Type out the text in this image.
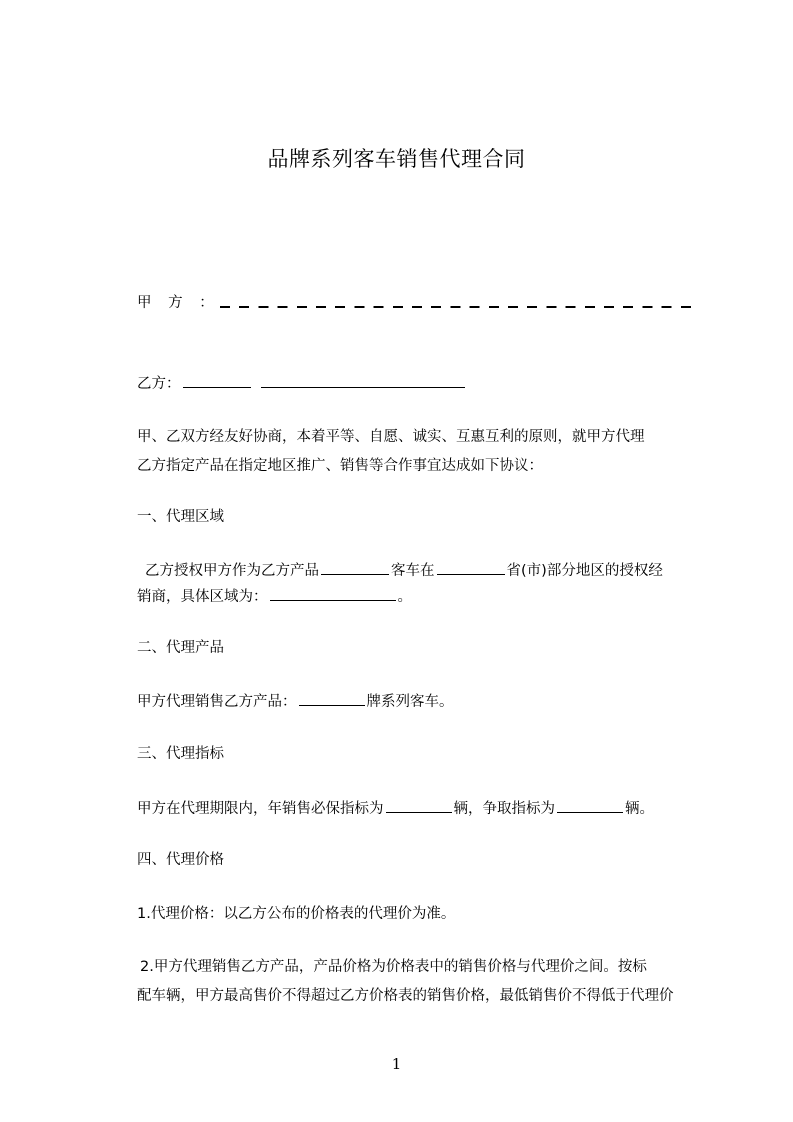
品牌系列客车销售代理合同
甲 方 ：
乙方：
甲、乙双方经友好协商，本着平等、自愿、诚实、互惠互利的原则，就甲方代理
乙方指定产品在指定地区推广、销售等合作事宜达成如下协议：
一、代理区域
乙方授权甲方作为乙方产品	客车在	省(市)部分地区的授权经
销商，具体区域为：	。
二、代理产品
甲方代理销售乙方产品：	牌系列客车。
三、代理指标
甲方在代理期限内，年销售必保指标为	辆，争取指标为	辆。
四、代理价格
1.代理价格：以乙方公布的价格表的代理价为准。
2.甲方代理销售乙方产品，产品价格为价格表中的销售价格与代理价之间。按标
配车辆，甲方最高售价不得超过乙方价格表的销售价格，最低销售价不得低于代理价
1
